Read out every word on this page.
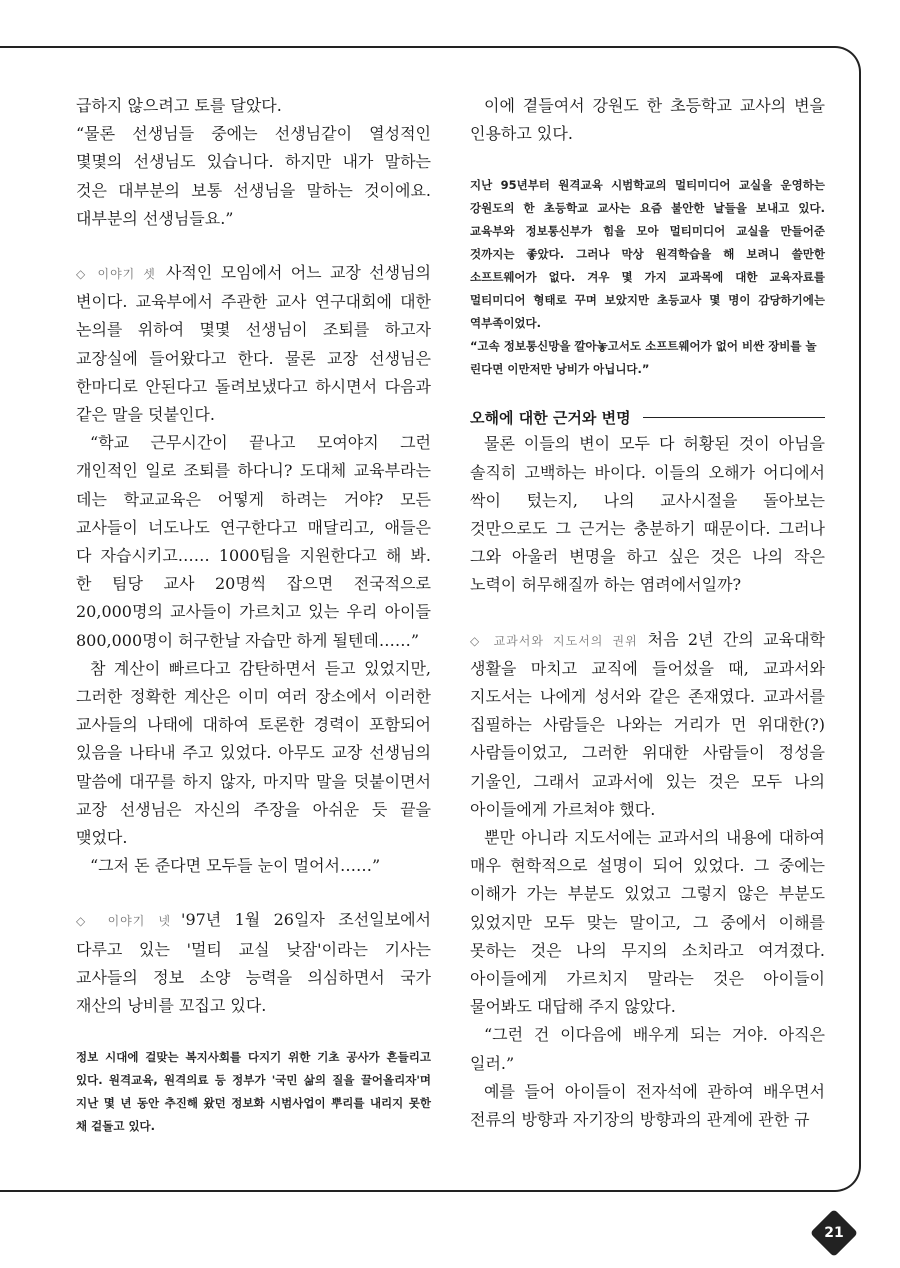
급하지 않으려고 토를 달았다.

“물론 선생님들 중에는 선생님같이 열성적인 몇몇의 선생님도 있습니다. 하지만 내가 말하는 것은 대부분의 보통 선생님을 말하는 것이에요. 대부분의 선생님들요.”

◇ 이야기 셋 사적인 모임에서 어느 교장 선생님의 변이다. 교육부에서 주관한 교사 연구대회에 대한 논의를 위하여 몇몇 선생님이 조퇴를 하고자 교장실에 들어왔다고 한다. 물론 교장 선생님은 한마디로 안된다고 돌려보냈다고 하시면서 다음과 같은 말을 덧붙인다.

“학교 근무시간이 끝나고 모여야지 그런 개인적인 일로 조퇴를 하다니? 도대체 교육부라는 데는 학교교육은 어떻게 하려는 거야? 모든 교사들이 너도나도 연구한다고 매달리고, 애들은 다 자습시키고…… 1000팀을 지원한다고 해 봐. 한 팀당 교사 20명씩 잡으면 전국적으로 20,000명의 교사들이 가르치고 있는 우리 아이들 800,000명이 허구한날 자습만 하게 될텐데……”

참 계산이 빠르다고 감탄하면서 듣고 있었지만, 그러한 정확한 계산은 이미 여러 장소에서 이러한 교사들의 나태에 대하여 토론한 경력이 포함되어 있음을 나타내 주고 있었다. 아무도 교장 선생님의 말씀에 대꾸를 하지 않자, 마지막 말을 덧붙이면서 교장 선생님은 자신의 주장을 아쉬운 듯 끝을 맺었다.

“그저 돈 준다면 모두들 눈이 멀어서……”

◇ 이야기 넷 '97년 1월 26일자 조선일보에서 다루고 있는 '멀티 교실 낮잠'이라는 기사는 교사들의 정보 소양 능력을 의심하면서 국가 재산의 낭비를 꼬집고 있다.

정보 시대에 걸맞는 복지사회를 다지기 위한 기초 공사가 흔들리고 있다. 원격교육, 원격의료 등 정부가 '국민 삶의 질을 끌어올리자'며 지난 몇 년 동안 추진해 왔던 정보화 시범사업이 뿌리를 내리지 못한 채 겉돌고 있다.

이에 곁들여서 강원도 한 초등학교 교사의 변을 인용하고 있다.

지난 95년부터 원격교육 시범학교의 멀티미디어 교실을 운영하는 강원도의 한 초등학교 교사는 요즘 불안한 날들을 보내고 있다. 교육부와 정보통신부가 힘을 모아 멀티미디어 교실을 만들어준 것까지는 좋았다. 그러나 막상 원격학습을 해 보려니 쓸만한 소프트웨어가 없다. 겨우 몇 가지 교과목에 대한 교육자료를 멀티미디어 형태로 꾸며 보았지만 초등교사 몇 명이 감당하기에는 역부족이었다.

“고속 정보통신망을 깔아놓고서도 소프트웨어가 없어 비싼 장비를 놀린다면 이만저만 낭비가 아닙니다.”

오해에 대한 근거와 변명

물론 이들의 변이 모두 다 허황된 것이 아님을 솔직히 고백하는 바이다. 이들의 오해가 어디에서 싹이 텄는지, 나의 교사시절을 돌아보는 것만으로도 그 근거는 충분하기 때문이다. 그러나 그와 아울러 변명을 하고 싶은 것은 나의 작은 노력이 허무해질까 하는 염려에서일까?

◇ 교과서와 지도서의 권위 처음 2년 간의 교육대학 생활을 마치고 교직에 들어섰을 때, 교과서와 지도서는 나에게 성서와 같은 존재였다. 교과서를 집필하는 사람들은 나와는 거리가 먼 위대한(?) 사람들이었고, 그러한 위대한 사람들이 정성을 기울인, 그래서 교과서에 있는 것은 모두 나의 아이들에게 가르쳐야 했다.

뿐만 아니라 지도서에는 교과서의 내용에 대하여 매우 현학적으로 설명이 되어 있었다. 그 중에는 이해가 가는 부분도 있었고 그렇지 않은 부분도 있었지만 모두 맞는 말이고, 그 중에서 이해를 못하는 것은 나의 무지의 소치라고 여겨졌다. 아이들에게 가르치지 말라는 것은 아이들이 물어봐도 대답해 주지 않았다.

“그런 건 이다음에 배우게 되는 거야. 아직은 일러.”

예를 들어 아이들이 전자석에 관하여 배우면서 전류의 방향과 자기장의 방향과의 관계에 관한 규

21
